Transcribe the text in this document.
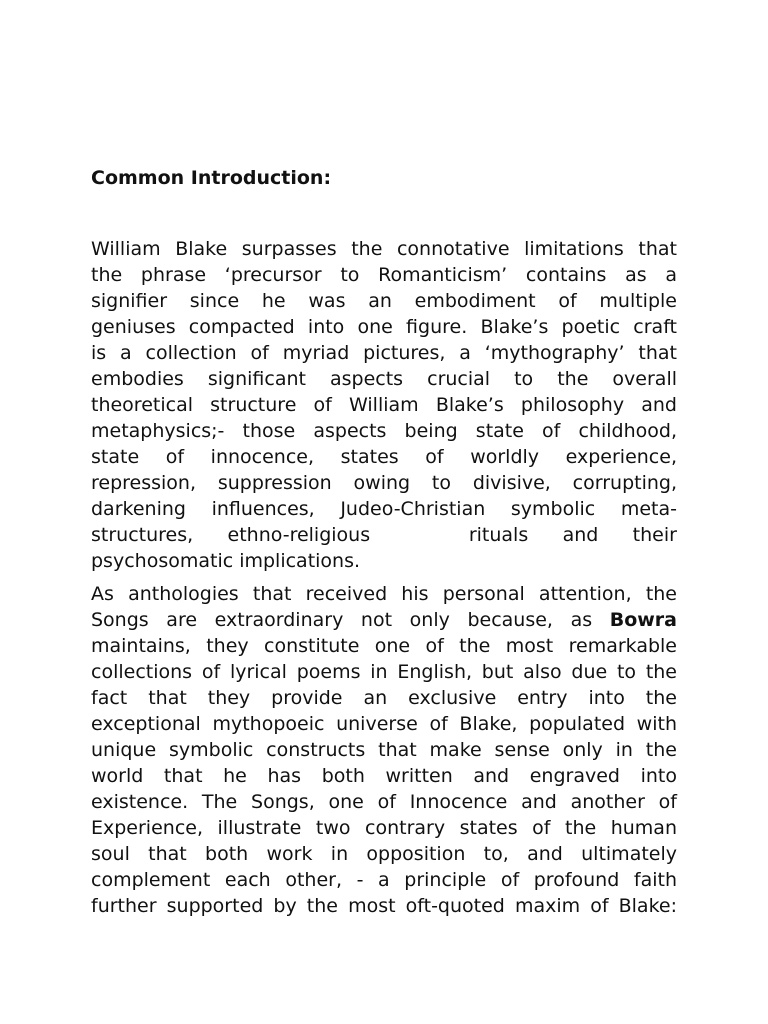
Common Introduction:
William Blake surpasses the connotative limitations that
the phrase ‘precursor to Romanticism’ contains as a
signifier since he was an embodiment of multiple
geniuses compacted into one figure. Blake’s poetic craft
is a collection of myriad pictures, a ‘mythography’ that
embodies significant aspects crucial to the overall
theoretical structure of William Blake’s philosophy and
metaphysics;- those aspects being state of childhood,
state of innocence, states of worldly experience,
repression, suppression owing to divisive, corrupting,
darkening influences, Judeo-Christian symbolic meta-
structures, ethno-religious	rituals and their
psychosomatic implications.
As anthologies that received his personal attention, the
Songs are extraordinary not only because, as Bowra
maintains, they constitute one of the most remarkable
collections of lyrical poems in English, but also due to the
fact that they provide an exclusive entry into the
exceptional mythopoeic universe of Blake, populated with
unique symbolic constructs that make sense only in the
world that he has both written and engraved into
existence. The Songs, one of Innocence and another of
Experience, illustrate two contrary states of the human
soul that both work in opposition to, and ultimately
complement each other, - a principle of profound faith
further supported by the most oft-quoted maxim of Blake:
